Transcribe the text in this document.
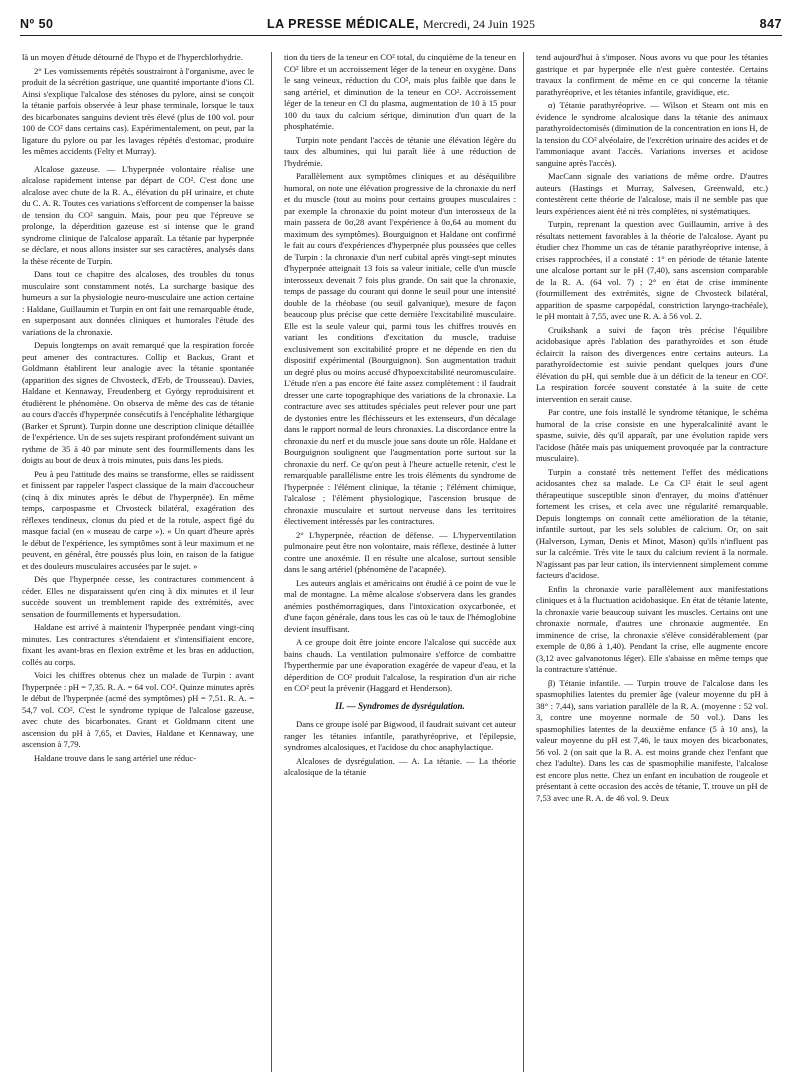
Nº 50	LA PRESSE MÉDICALE, Mercredi, 24 Juin 1925	847

là un moyen d'étude détourné de l'hypo et de l'hyperchlorhydrie.

2° Les vomissements répétés soustrairont à l'organisme, avec le produit de la sécrétion gastrique, une quantité importante d'ions Cl. Ainsi s'explique l'alcalose des sténoses du pylore, ainsi se conçoit la tétanie parfois observée à leur phase terminale, lorsque le taux des bicarbonates sanguins devient très élevé (plus de 100 vol. pour 100 de CO² dans certains cas). Expérimentalement, on peut, par la ligature du pylore ou par les lavages répétés d'estomac, produire les mêmes accidents (Felty et Murray).

Alcalose gazeuse. — L'hyperpnée volontaire réalise une alcalose rapidement intense par départ de CO². C'est donc une alcalose avec chute de la R. A., élévation du pH urinaire, et chute du C. A. R. Toutes ces variations s'efforcent de compenser la baisse de tension du CO² sanguin. Mais, pour peu que l'épreuve se prolonge, la déperdition gazeuse est si intense que le grand syndrome clinique de l'alcalose apparaît. La tétanie par hyperpnée se déclare, et nous allons insister sur ses caractères, analysés dans la thèse récente de Turpin.

Dans tout ce chapitre des alcaloses, des troubles du tonus musculaire sont constamment notés. La surcharge basique des humeurs a sur la physiologie neuro-musculaire une action certaine : Haldane, Guillaumin et Turpin en ont fait une remarquable étude, en superposant aux données cliniques et humorales l'étude des variations de la chronaxie.

Depuis longtemps on avait remarqué que la respiration forcée peut amener des contractures. Collip et Backus, Grant et Goldmann établirent leur analogie avec la tétanie spontanée (apparition des signes de Chvosteck, d'Erb, de Trousseau). Davies, Haldane et Kennaway, Freudenberg et György reproduisirent et étudièrent le phénomène. On observa de même des cas de tétanie au cours d'accès d'hyperpnée consécutifs à l'encéphalite léthargique (Barker et Sprunt). Turpin donne une description clinique détaillée de l'expérience. Un de ses sujets respirant profondément suivant un rythme de 35 à 40 par minute sent des fourmillements dans les doigts au bout de deux à trois minutes, puis dans les pieds.

Peu à peu l'attitude des mains se transforme, elles se raidissent et finissent par rappeler l'aspect classique de la main d'accoucheur (cinq à dix minutes après le début de l'hyperpnée). En même temps, carpospasme et Chvosteck bilatéral, exagération des réflexes tendineux, clonus du pied et de la rotule, aspect figé du masque facial (en « museau de carpe »). « Un quart d'heure après le début de l'expérience, les symptômes sont à leur maximum et ne peuvent, en général, être poussés plus loin, en raison de la fatigue et des douleurs musculaires accusées par le sujet. »

Dès que l'hyperpnée cesse, les contractures commencent à céder. Elles ne disparaissent qu'en cinq à dix minutes et il leur succède souvent un tremblement rapide des extrémités, avec sensation de fourmillements et hypersudation.

Haldane est arrivé à maintenir l'hyperpnée pendant vingt-cinq minutes. Les contractures s'étendaient et s'intensifiaient encore, fixant les avant-bras en flexion extrême et les bras en adduction, collés au corps.

Voici les chiffres obtenus chez un malade de Turpin : avant l'hyperpnée : pH = 7,35. R. A. = 64 vol. CO². Quinze minutes après le début de l'hyperpnée (acmé des symptômes) pH = 7,51. R. A. = 54,7 vol. CO². C'est le syndrome typique de l'alcalose gazeuse, avec chute des bicarbonates. Grant et Goldmann citent une ascension du pH à 7,65, et Davies, Haldane et Kennaway, une ascension à 7,79.

Haldane trouve dans le sang artériel une réduc-

tion du tiers de la teneur en CO² total, du cinquième de la teneur en CO² libre et un accroissement léger de la teneur en oxygène. Dans le sang veineux, réduction du CO², mais plus faible que dans le sang artériel, et diminution de la teneur en CO². Accroissement léger de la teneur en Cl du plasma, augmentation de 10 à 15 pour 100 du taux du calcium sérique, diminution d'un quart de la phosphatémie.

Turpin note pendant l'accès de tétanie une élévation légère du taux des albumines, qui lui paraît liée à une réduction de l'hydrémie.

Parallèlement aux symptômes cliniques et au déséquilibre humoral, on note une élévation progressive de la chronaxie du nerf et du muscle (tout au moins pour certains groupes musculaires : par exemple la chronaxie du point moteur d'un interosseux de la main passera de 0σ,28 avant l'expérience à 0σ,64 au moment du maximum des symptômes). Bourguignon et Haldane ont confirmé le fait au cours d'expériences d'hyperpnée plus poussées que celles de Turpin : la chronaxie d'un nerf cubital après vingt-sept minutes d'hyperpnée atteignait 13 fois sa valeur initiale, celle d'un muscle interosseux devenait 7 fois plus grande. On sait que la chronaxie, temps de passage du courant qui donne le seuil pour une intensité double de la rhéobase (ou seuil galvanique), mesure de façon beaucoup plus précise que cette dernière l'excitabilité musculaire. Elle est la seule valeur qui, parmi tous les chiffres trouvés en variant les conditions d'excitation du muscle, traduise exclusivement son excitabilité propre et ne dépende en rien du dispositif expérimental (Bourguignon). Son augmentation traduit un degré plus ou moins accusé d'hypoexcitabilité neuromusculaire. L'étude n'en a pas encore été faite assez complètement : il faudrait dresser une carte topographique des variations de la chronaxie. La contracture avec ses attitudes spéciales peut relever pour une part de dystonies entre les fléchisseurs et les extenseurs, d'un décalage dans le rapport normal de leurs chronaxies. La discordance entre la chronaxie du nerf et du muscle joue sans doute un rôle. Haldane et Bourguignon soulignent que l'augmentation porte surtout sur la chronaxie du nerf. Ce qu'on peut à l'heure actuelle retenir, c'est le remarquable parallélisme entre les trois éléments du syndrome de l'hyperpnée : l'élément clinique, la tétanie ; l'élément chimique, l'alcalose ; l'élément physiologique, l'ascension brusque de chronaxie musculaire et surtout nerveuse dans les territoires électivement intéressés par les contractures.

2° L'hyperpnée, réaction de défense. — L'hyperventilation pulmonaire peut être non volontaire, mais réflexe, destinée à lutter contre une anoxémie. Il en résulte une alcalose, surtout sensible dans le sang artériel (phénomène de l'acapnée).

Les auteurs anglais et américains ont étudié à ce point de vue le mal de montagne. La même alcalose s'observera dans les grandes anémies posthémorragiques, dans l'intoxication oxycarbonée, et d'une façon générale, dans tous les cas où le taux de l'hémoglobine devient insuffisant.

A ce groupe doit être jointe encore l'alcalose qui succède aux bains chauds. La ventilation pulmonaire s'efforce de combattre l'hyperthermie par une évaporation exagérée de vapeur d'eau, et la déperdition de CO² produit l'alcalose, la respiration d'un air riche en CO² peut la prévenir (Haggard et Henderson).

II. — Syndromes de dysrégulation.

Dans ce groupe isolé par Bigwood, il faudrait suivant cet auteur ranger les tétanies infantile, parathyréoprive, et l'épilepsie, syndromes alcalosiques, et l'acidose du choc anaphylactique.

Alcaloses de dysrégulation. — A. La tétanie. — La théorie alcalosique de la tétanie

tend aujourd'hui à s'imposer. Nous avons vu que pour les tétanies gastrique et par hyperpnée elle n'est guère contestée. Certains travaux la confirment de même en ce qui concerne la tétanie parathyréoprive, et les tétanies infantile, gravidique, etc.

α) Tétanie parathyréoprive. — Wilson et Stearn ont mis en évidence le syndrome alcalosique dans la tétanie des animaux parathyroïdectomisés (diminution de la concentration en ions H, de la tension du CO² alvéolaire, de l'excrétion urinaire des acides et de l'ammoniaque avant l'accès. Variations inverses et acidose sanguine après l'accès).

MacCann signale des variations de même ordre. D'autres auteurs (Hastings et Murray, Salvesen, Greenwald, etc.) contestèrent cette théorie de l'alcalose, mais il ne semble pas que leurs expériences aient été ni très complètes, ni systématiques.

Turpin, reprenant la question avec Guillaumin, arrive à des résultats nettement favorables à la théorie de l'alcalose. Ayant pu étudier chez l'homme un cas de tétanie parathyréoprive intense, à crises rapprochées, il a constaté : 1° en période de tétanie latente une alcalose portant sur le pH (7,40), sans ascension comparable de la R. A. (64 vol. 7) ; 2° en état de crise imminente (fourmillement des extrémités, signe de Chvosteck bilatéral, apparition de spasme carpopédal, constriction laryngo-trachéale), le pH montait à 7,55, avec une R. A. à 56 vol. 2.

Cruikshank a suivi de façon très précise l'équilibre acidobasique après l'ablation des parathyroïdes et son étude éclaircit la raison des divergences entre certains auteurs. La parathyroïdectomie est suivie pendant quelques jours d'une élévation du pH, qui semble due à un déficit de la teneur en CO². La respiration forcée souvent constatée à la suite de cette intervention en serait cause.

Par contre, une fois installé le syndrome tétanique, le schéma humoral de la crise consiste en une hyperalcalinité avant le spasme, suivie, dès qu'il apparaît, par une évolution rapide vers l'acidose (hâtée mais pas uniquement provoquée par la contracture musculaire).

Turpin a constaté très nettement l'effet des médications acidosantes chez sa malade. Le Ca Cl² était le seul agent thérapeutique susceptible sinon d'enrayer, du moins d'atténuer fortement les crises, et cela avec une régularité remarquable. Depuis longtemps on connaît cette amélioration de la tétanie, infantile surtout, par les sels solubles de calcium. Or, on sait (Halverson, Lyman, Denis et Minot, Mason) qu'ils n'influent pas sur la calcémie. Très vite le taux du calcium revient à la normale. N'agissant pas par leur cation, ils interviennent simplement comme facteurs d'acidose.

Enfin la chronaxie varie parallèlement aux manifestations cliniques et à la fluctuation acidobasique. En état de tétanie latente, la chronaxie varie beaucoup suivant les muscles. Certains ont une chronaxie normale, d'autres une chronaxie augmentée. En imminence de crise, la chronaxie s'élève considérablement (par exemple de 0,86 à 1,40). Pendant la crise, elle augmente encore (3,12 avec galvanotonus léger). Elle s'abaisse en même temps que la contracture s'atténue.

β) Tétanie infantile. — Turpin trouve de l'alcalose dans les spasmophilies latentes du premier âge (valeur moyenne du pH à 38° : 7,44), sans variation parallèle de la R. A. (moyenne : 52 vol. 3, contre une moyenne normale de 50 vol.). Dans les spasmophilies latentes de la deuxième enfance (5 à 10 ans), la valeur moyenne du pH est 7,46, le taux moyen des bicarbonates, 56 vol. 2 (on sait que la R. A. est moins grande chez l'enfant que chez l'adulte). Dans les cas de spasmophilie manifeste, l'alcalose est encore plus nette. Chez un enfant en incubation de rougeole et présentant à cette occasion des accès de tétanie, T. trouve un pH de 7,53 avec une R. A. de 46 vol. 9. Deux
